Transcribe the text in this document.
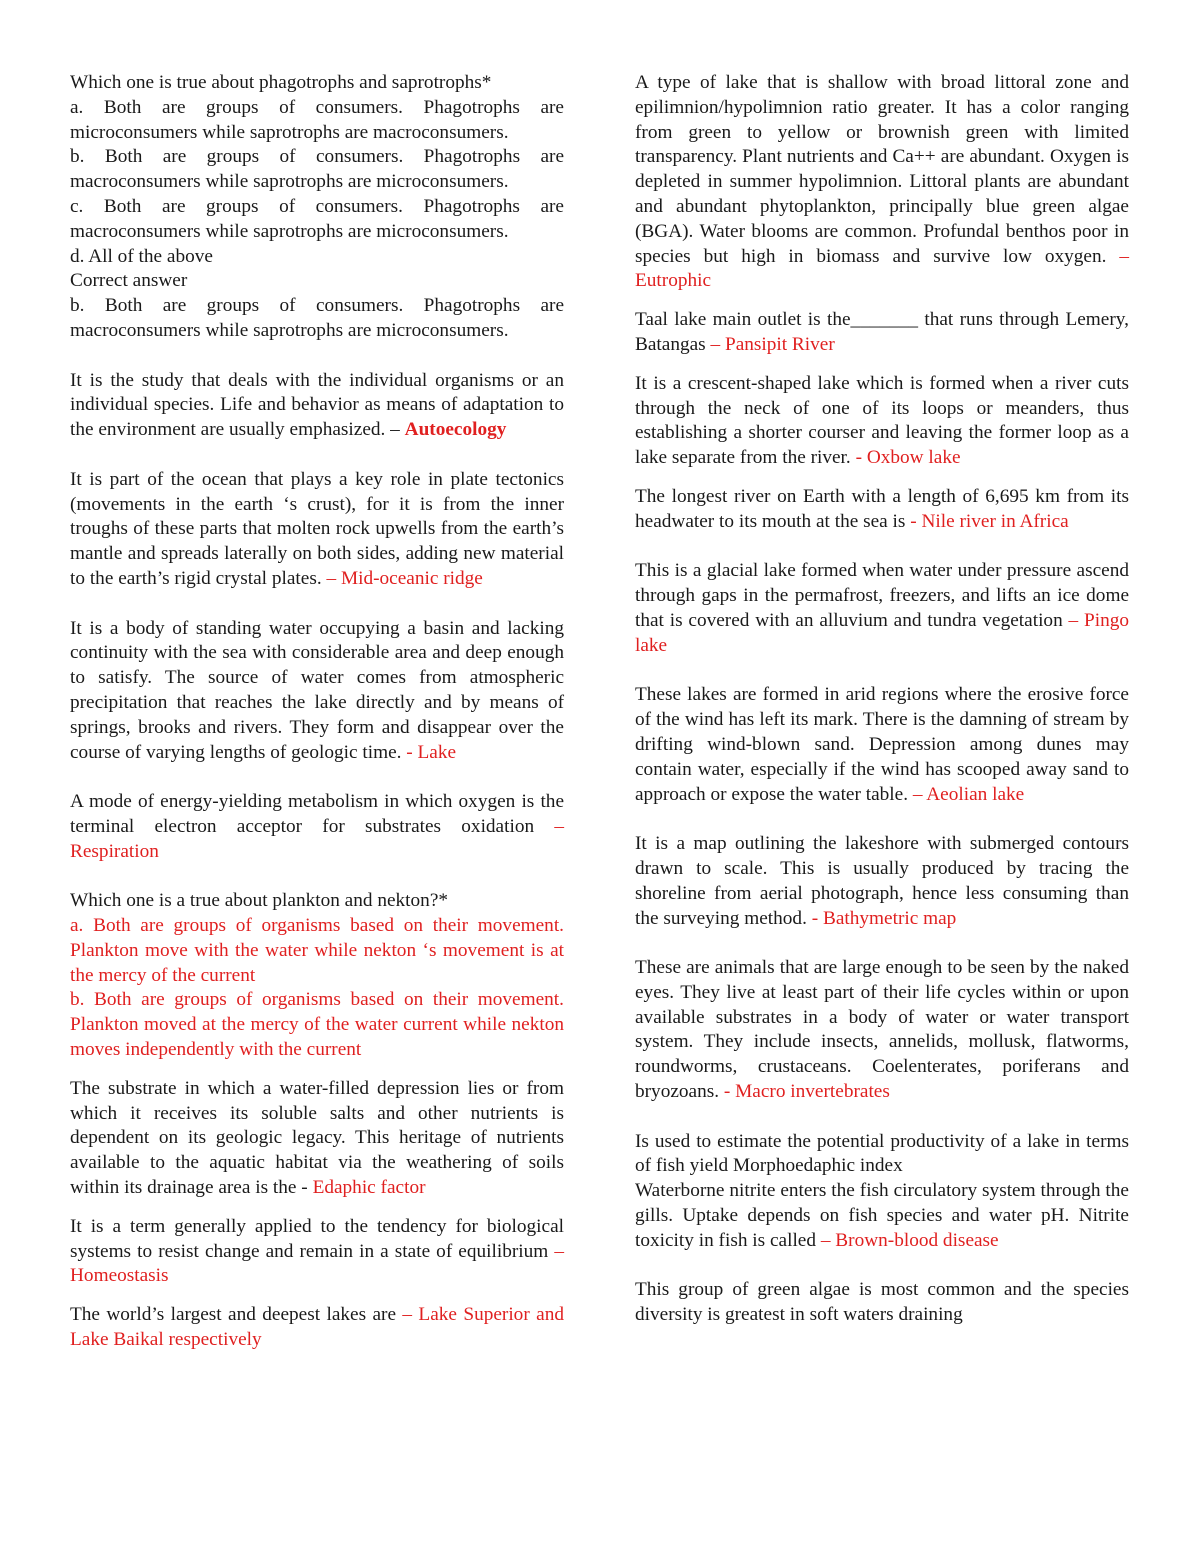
Which one is true about phagotrophs and saprotrophs*

a. Both are groups of consumers. Phagotrophs are microconsumers while saprotrophs are macroconsumers.

b. Both are groups of consumers. Phagotrophs are macroconsumers while saprotrophs are microconsumers.

c. Both are groups of consumers. Phagotrophs are macroconsumers while saprotrophs are microconsumers.

d. All of the above

Correct answer

b. Both are groups of consumers. Phagotrophs are macroconsumers while saprotrophs are microconsumers.

It is the study that deals with the individual organisms or an individual species. Life and behavior as means of adaptation to the environment are usually emphasized. – Autoecology

It is part of the ocean that plays a key role in plate tectonics (movements in the earth ‘s crust), for it is from the inner troughs of these parts that molten rock upwells from the earth’s mantle and spreads laterally on both sides, adding new material to the earth’s rigid crystal plates. – Mid-oceanic ridge

It is a body of standing water occupying a basin and lacking continuity with the sea with considerable area and deep enough to satisfy. The source of water comes from atmospheric precipitation that reaches the lake directly and by means of springs, brooks and rivers. They form and disappear over the course of varying lengths of geologic time. - Lake

A mode of energy-yielding metabolism in which oxygen is the terminal electron acceptor for substrates oxidation – Respiration

Which one is a true about plankton and nekton?*

a. Both are groups of organisms based on their movement. Plankton move with the water while nekton ‘s movement is at the mercy of the current

b. Both are groups of organisms based on their movement. Plankton moved at the mercy of the water current while nekton moves independently with the current

The substrate in which a water-filled depression lies or from which it receives its soluble salts and other nutrients is dependent on its geologic legacy. This heritage of nutrients available to the aquatic habitat via the weathering of soils within its drainage area is the - Edaphic factor

It is a term generally applied to the tendency for biological systems to resist change and remain in a state of equilibrium – Homeostasis

The world’s largest and deepest lakes are – Lake Superior and Lake Baikal respectively

A type of lake that is shallow with broad littoral zone and epilimnion/hypolimnion ratio greater. It has a color ranging from green to yellow or brownish green with limited transparency. Plant nutrients and Ca++ are abundant. Oxygen is depleted in summer hypolimnion. Littoral plants are abundant and abundant phytoplankton, principally blue green algae (BGA). Water blooms are common. Profundal benthos poor in species but high in biomass and survive low oxygen. – Eutrophic

Taal lake main outlet is the_______ that runs through Lemery, Batangas – Pansipit River

It is a crescent-shaped lake which is formed when a river cuts through the neck of one of its loops or meanders, thus establishing a shorter courser and leaving the former loop as a lake separate from the river. - Oxbow lake

The longest river on Earth with a length of 6,695 km from its headwater to its mouth at the sea is - Nile river in Africa

This is a glacial lake formed when water under pressure ascend through gaps in the permafrost, freezers, and lifts an ice dome that is covered with an alluvium and tundra vegetation – Pingo lake

These lakes are formed in arid regions where the erosive force of the wind has left its mark. There is the damning of stream by drifting wind-blown sand. Depression among dunes may contain water, especially if the wind has scooped away sand to approach or expose the water table. – Aeolian lake

It is a map outlining the lakeshore with submerged contours drawn to scale. This is usually produced by tracing the shoreline from aerial photograph, hence less consuming than the surveying method. - Bathymetric map

These are animals that are large enough to be seen by the naked eyes. They live at least part of their life cycles within or upon available substrates in a body of water or water transport system. They include insects, annelids, mollusk, flatworms, roundworms, crustaceans. Coelenterates, poriferans and bryozoans. - Macro invertebrates

Is used to estimate the potential productivity of a lake in terms of fish yield Morphoedaphic index

Waterborne nitrite enters the fish circulatory system through the gills. Uptake depends on fish species and water pH. Nitrite toxicity in fish is called – Brown-blood disease

This group of green algae is most common and the species diversity is greatest in soft waters draining
